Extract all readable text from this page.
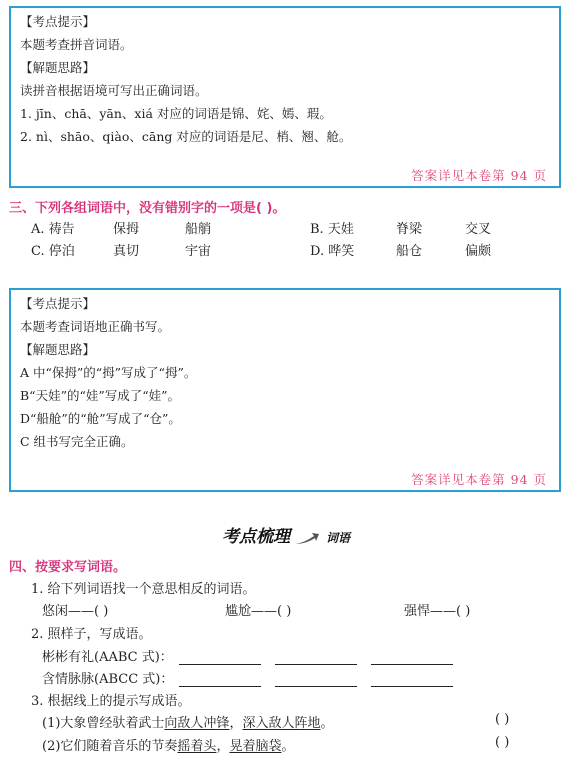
【考点提示】
本题考查拼音词语。
【解题思路】
读拼音根据语境可写出正确词语。
1. jīn、chā、yān、xiá 对应的词语是锦、姹、嫣、瑕。
2. nì、shāo、qiào、cāng 对应的词语是尼、梢、翘、舱。
答案详见本卷第 94 页
三、下列各组词语中，没有错别字的一项是( )。
A. 祷告	保拇	船艄	B. 天娃	脊梁	交叉
C. 停泊	真切	宇宙	D. 哗笑	船仓	偏颇
【考点提示】
本题考查词语地正确书写。
【解题思路】
A 中“保拇”的“拇”写成了“拇”。
B“天娃”的“娃”写成了“娃”。
D“船舱”的“舱”写成了“仓”。
C 组书写完全正确。
答案详见本卷第 94 页
考点梳理	词语
四、按要求写词语。
1. 给下列词语找一个意思相反的词语。
悠闲——( )	尴尬——( )	强悍——( )
2. 照样子，写成语。
彬彬有礼(AABC 式)：
含情脉脉(ABCC 式)：
3. 根据线上的提示写成语。
(1)大象曾经驮着武士向敌人冲锋，深入敌人阵地。	( )
(2)它们随着音乐的节奏摇着头，晃着脑袋。	( )
